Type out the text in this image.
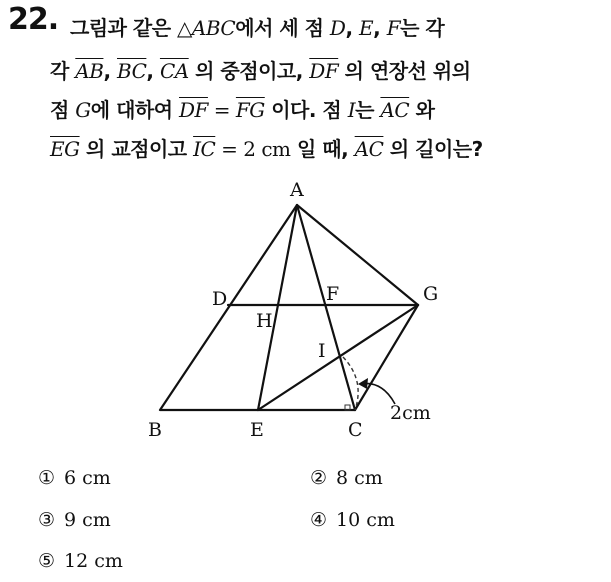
22. 그림과 같은 △ABC에서 세 점 D, E, F는 각
각 $\overline{AB}$, $\overline{BC}$, $\overline{CA}$ 의 중점이고, $\overline{DF}$ 의 연장선 위의
점 G에 대하여 $\overline{DF} = \overline{FG}$ 이다. 점 I는 $\overline{AC}$ 와
$\overline{EG}$ 의 교점이고 $\overline{IC} = 2$ cm 일 때, $\overline{AC}$ 의 길이는?
A
B	C
D
E
F	G
H
I
2cm
① 6 cm	② 8 cm
③ 9 cm	④ 10 cm
⑤ 12 cm
